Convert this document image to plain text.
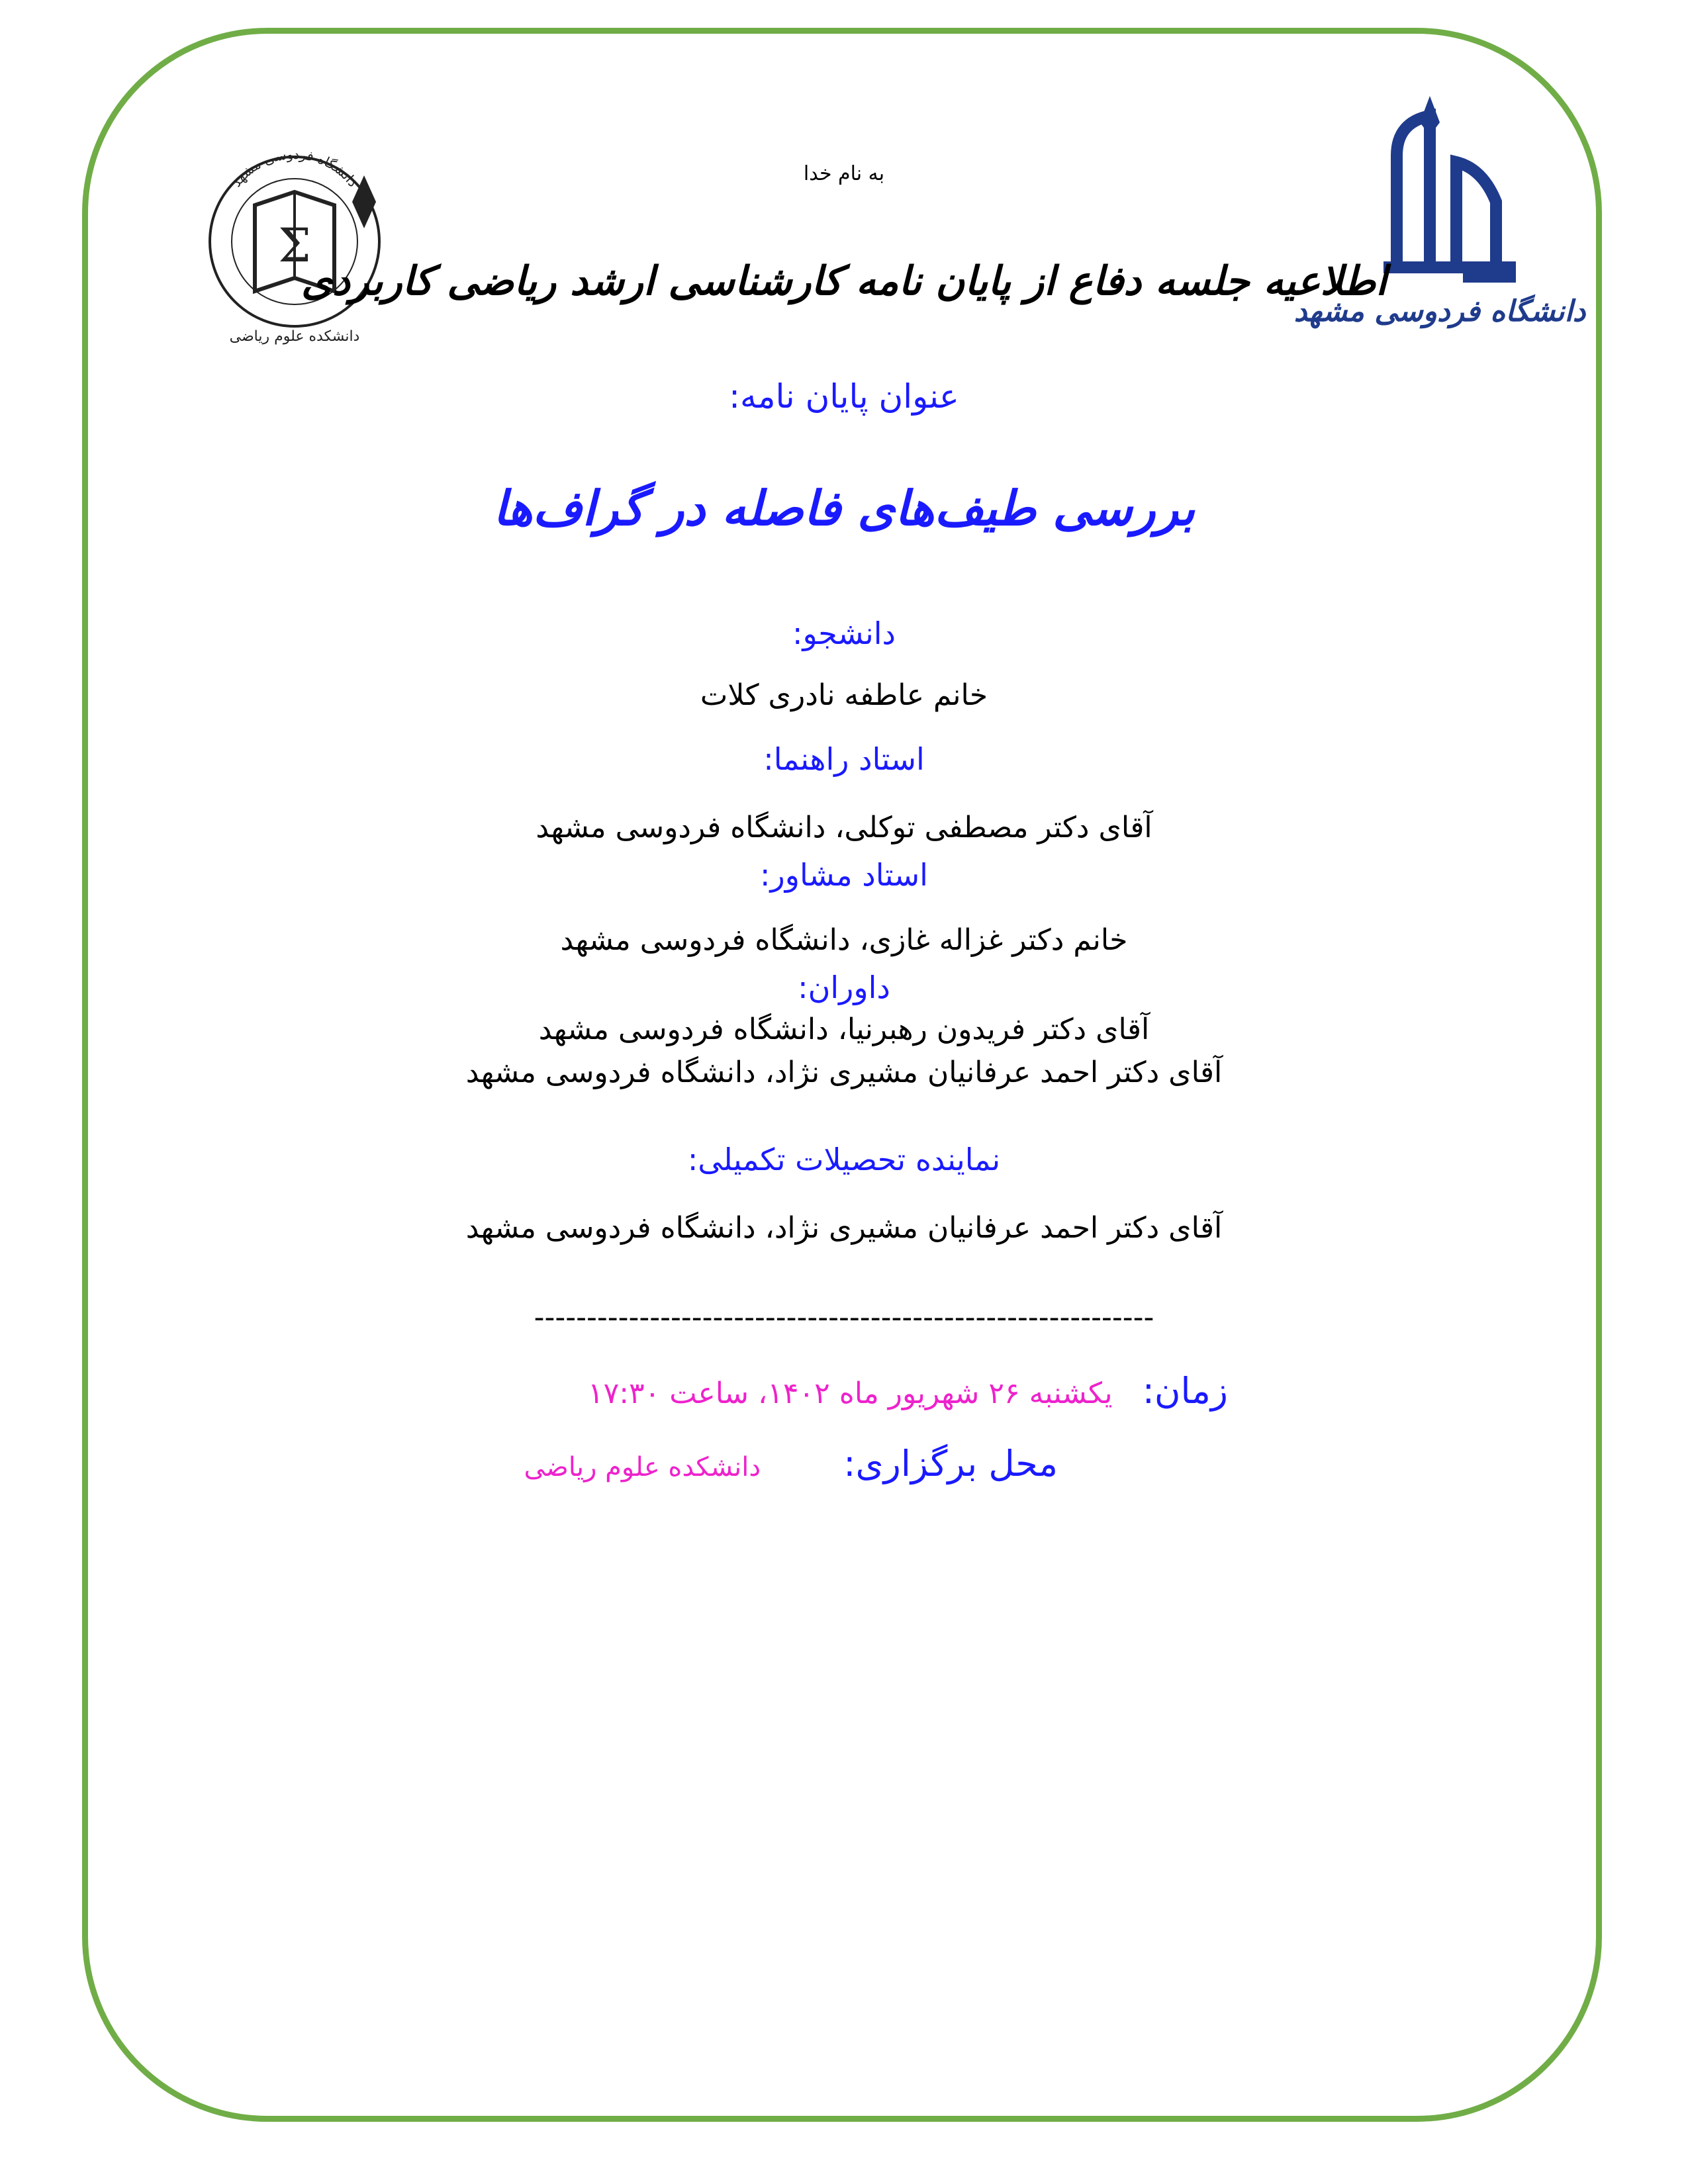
Σ
دانشگاه فردوسی مشهد
دانشکده علوم ریاضی
دانشگاه فردوسی مشهد
به نام خدا
اطلاعیه جلسه دفاع از پایان نامه کارشناسی ارشد ریاضی کاربردی
عنوان پایان نامه:
بررسی طیف‌های فاصله در گراف‌ها
دانشجو:
خانم عاطفه نادری کلات
استاد راهنما:
آقای دکتر مصطفی توکلی، دانشگاه فردوسی مشهد
استاد مشاور:
خانم دکتر غزاله غازی، دانشگاه فردوسی مشهد
داوران:
آقای دکتر فریدون رهبرنیا، دانشگاه فردوسی مشهد
آقای دکتر احمد عرفانیان مشیری نژاد، دانشگاه فردوسی مشهد
نماینده تحصیلات تکمیلی:
آقای دکتر احمد عرفانیان مشیری نژاد، دانشگاه فردوسی مشهد
-----------------------------------------------------------
زمان: یکشنبه ۲۶ شهریور ماه ۱۴۰۲، ساعت ۱۷:۳۰
محل برگزاری: دانشکده علوم ریاضی
